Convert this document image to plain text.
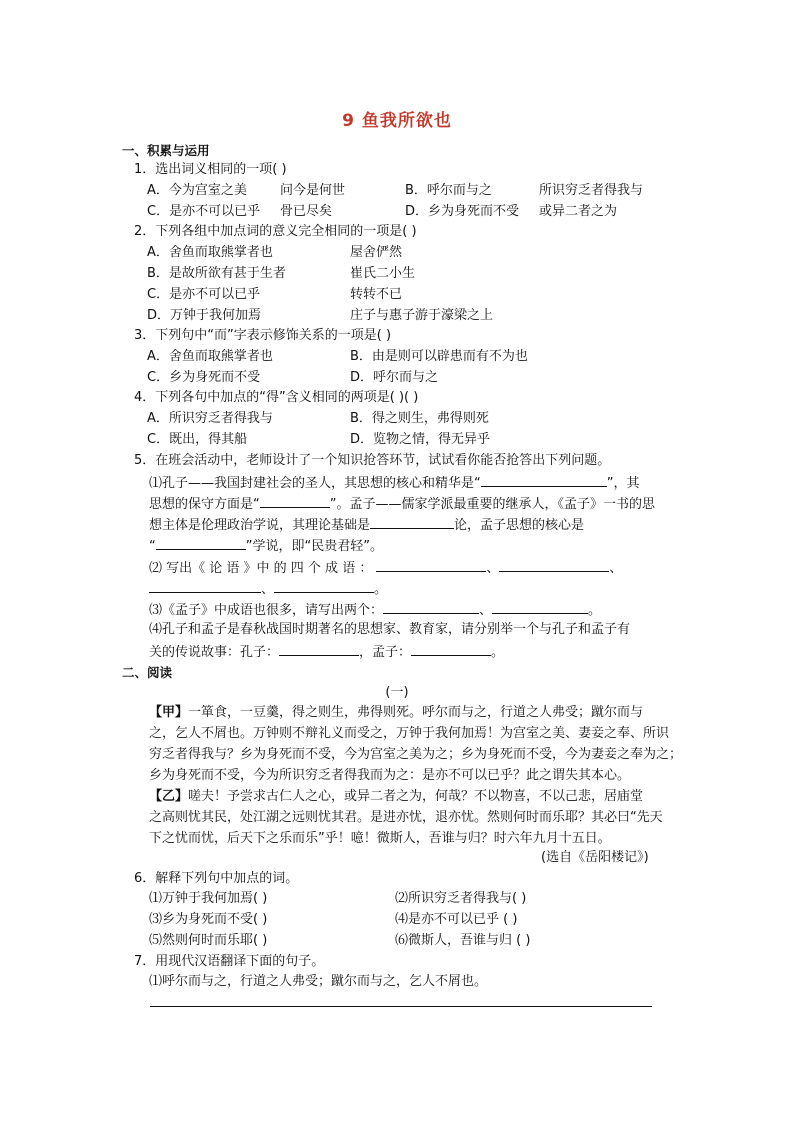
9 鱼我所欲也
一、积累与运用
1．选出词义相同的一项( )
A．今为宫室之美	问今是何世	B．呼尔而与之	所识穷乏者得我与
C．是亦不可以已乎 骨已尽矣	D．乡为身死而不受 或异二者之为
2．下列各组中加点词的意义完全相同的一项是( )
A．舍鱼而取熊掌者也	屋舍俨然
B．是故所欲有甚于生者	崔氏二小生
C．是亦不可以已乎	转转不已
D．万钟于我何加焉	庄子与惠子游于濠梁之上
3．下列句中“而”字表示修饰关系的一项是( )
A．舍鱼而取熊掌者也	B．由是则可以辟患而有不为也
C．乡为身死而不受	D．呼尔而与之
4．下列各句中加点的“得”含义相同的两项是( )( )
A．所识穷乏者得我与	B．得之则生，弗得则死
C．既出，得其船	D．览物之情，得无异乎
5．在班会活动中，老师设计了一个知识抢答环节，试试看你能否抢答出下列问题。
⑴孔子——我国封建社会的圣人，其思想的核心和精华是“	”，其
思想的保守方面是“	”。孟子——儒家学派最重要的继承人，《孟子》一书的思
想主体是伦理政治学说，其理论基础是	论，孟子思想的核心是
“	”学说，即“民贵君轻”。
⑵ 写出《 论 语 》中 的 四 个 成 语 ：	、	、
、	。
⑶《孟子》中成语也很多，请写出两个：	、	。
⑷孔子和孟子是春秋战国时期著名的思想家、教育家，请分别举一个与孔子和孟子有
关的传说故事：孔子：	，孟子：	。
二、阅读
(一)
【甲】一箪食，一豆羹，得之则生，弗得则死。呼尔而与之，行道之人弗受；蹴尔而与
之，乞人不屑也。万钟则不辩礼义而受之，万钟于我何加焉！为宫室之美、妻妾之奉、所识
穷乏者得我与？乡为身死而不受，今为宫室之美为之；乡为身死而不受，今为妻妾之奉为之；
乡为身死而不受，今为所识穷乏者得我而为之：是亦不可以已乎？此之谓失其本心。
【乙】嗟夫！予尝求古仁人之心，或异二者之为，何哉？不以物喜，不以己悲，居庙堂
之高则忧其民，处江湖之远则忧其君。是进亦忧，退亦忧。然则何时而乐耶？其必曰“先天
下之忧而忧，后天下之乐而乐”乎！噫！微斯人，吾谁与归？时六年九月十五日。
(选自《岳阳楼记》)
6．解释下列句中加点的词。
⑴万钟于我何加焉( )	⑵所识穷乏者得我与( )
⑶乡为身死而不受( )	⑷是亦不可以已乎 ( )
⑸然则何时而乐耶( )	⑹微斯人，吾谁与归 ( )
7．用现代汉语翻译下面的句子。
⑴呼尔而与之，行道之人弗受；蹴尔而与之，乞人不屑也。
